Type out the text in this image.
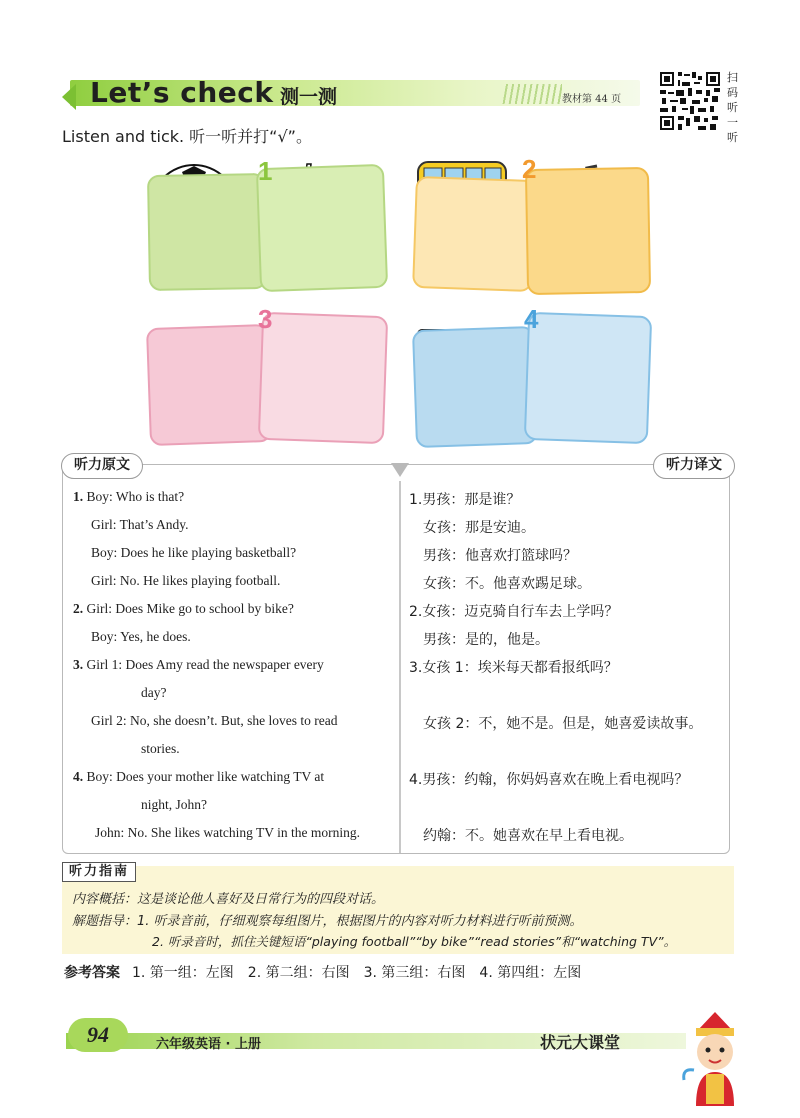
Let’s check 测一测	教材第 44 页
扫码听一听
Listen and tick. 听一听并打“√”。
1
	2

3
	4

听力原文	听力译文
1. Boy: Who is that?
Girl: That’s Andy.
Boy: Does he like playing basketball?
Girl: No. He likes playing football.
2. Girl: Does Mike go to school by bike?
Boy: Yes, he does.
3. Girl 1: Does Amy read the newspaper every
day?
Girl 2: No, she doesn’t. But, she loves to read
stories.
4. Boy: Does your mother like watching TV at
night, John?
John: No. She likes watching TV in the morning.
1.男孩：那是谁？
女孩：那是安迪。
男孩：他喜欢打篮球吗？
女孩：不。他喜欢踢足球。
2.女孩：迈克骑自行车去上学吗？
男孩：是的，他是。
3.女孩 1：埃米每天都看报纸吗？
女孩 2：不，她不是。但是，她喜爱读故事。
4.男孩：约翰，你妈妈喜欢在晚上看电视吗？
约翰：不。她喜欢在早上看电视。
听力指南
内容概括：这是谈论他人喜好及日常行为的四段对话。
解题指导：1. 听录音前，仔细观察每组图片，根据图片的内容对听力材料进行听前预测。
2. 听录音时，抓住关键短语“playing football”“by bike”“read stories”和“watching TV”。
参考答案 1. 第一组：左图　2. 第二组：右图　3. 第三组：右图　4. 第四组：左图
94	六年级英语 · 上册	状元大课堂
